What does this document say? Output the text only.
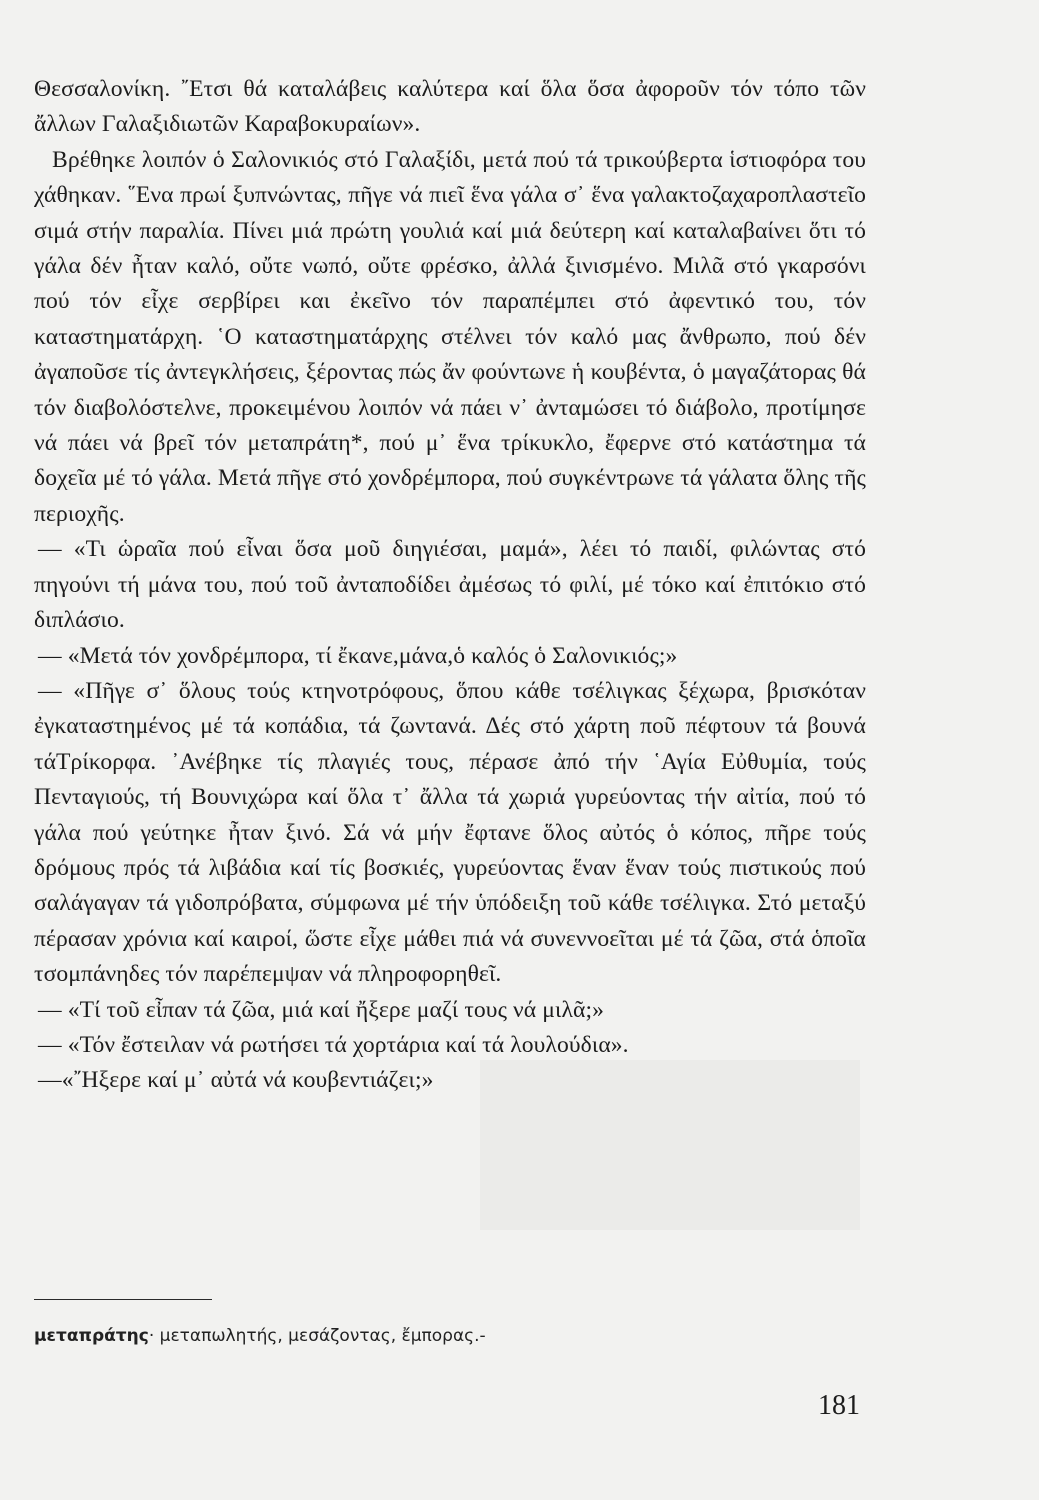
Θεσσαλονίκη. ῎Ετσι θά καταλάβεις καλύτερα καί ὅλα ὅσα ἀφοροῦν τόν τόπο τῶν ἄλλων Γαλαξιδιωτῶν Καραβοκυραίων».

Βρέθηκε λοιπόν ὁ Σαλονικιός στό Γαλαξίδι, μετά πού τά τρικούβερτα ἱστιοφόρα του χάθηκαν. ῞Ενα πρωί ξυπνώντας, πῆγε νά πιεῖ ἕνα γάλα σ᾿ ἕνα γαλακτοζαχαροπλαστεῖο σιμά στήν παραλία. Πίνει μιά πρώτη γουλιά καί μιά δεύτερη καί καταλαβαίνει ὅτι τό γάλα δέν ἦταν καλό, οὔτε νωπό, οὔτε φρέσκο, ἀλλά ξινισμένο. Μιλᾶ στό γκαρσόνι πού τόν εἶχε σερβίρει και ἐκεῖνο τόν παραπέμπει στό ἀφεντικό του, τόν καταστηματάρχη. ῾Ο καταστηματάρχης στέλνει τόν καλό μας ἄνθρωπο, πού δέν ἀγαποῦσε τίς ἀντεγκλήσεις, ξέροντας πώς ἄν φούντωνε ἡ κουβέντα, ὁ μαγαζάτορας θά τόν διαβολόστελνε, προκειμένου λοιπόν νά πάει ν᾿ ἀνταμώσει τό διάβολο, προτίμησε νά πάει νά βρεῖ τόν μεταπράτη*, πού μ᾿ ἕνα τρίκυκλο, ἔφερνε στό κατάστημα τά δοχεῖα μέ τό γάλα. Μετά πῆγε στό χονδρέμπορα, πού συγκέντρωνε τά γάλατα ὅλης τῆς περιοχῆς.

— «Τι ὡραῖα πού εἶναι ὅσα μοῦ διηγιέσαι, μαμά», λέει τό παιδί, φιλώντας στό πηγούνι τή μάνα του, πού τοῦ ἀνταποδίδει ἀμέσως τό φιλί, μέ τόκο καί ἐπιτόκιο στό διπλάσιο.

— «Μετά τόν χονδρέμπορα, τί ἔκανε,μάνα,ὁ καλός ὁ Σαλονικιός;»

— «Πῆγε σ᾿ ὅλους τούς κτηνοτρόφους, ὅπου κάθε τσέλιγκας ξέχωρα, βρισκόταν ἐγκαταστημένος μέ τά κοπάδια, τά ζωντανά. Δές στό χάρτη ποῦ πέφτουν τά βουνά τάΤρίκορφα. ᾿Ανέβηκε τίς πλαγιές τους, πέρασε ἀπό τήν ῾Αγία Εὐθυμία, τούς Πενταγιούς, τή Βουνιχώρα καί ὅλα τ᾿ ἄλλα τά χωριά γυρεύοντας τήν αἰτία, πού τό γάλα πού γεύτηκε ἦταν ξινό. Σά νά μήν ἔφτανε ὅλος αὐτός ὁ κόπος, πῆρε τούς δρόμους πρός τά λιβάδια καί τίς βοσκιές, γυρεύοντας ἕναν ἕναν τούς πιστικούς πού σαλάγαγαν τά γιδοπρόβατα, σύμφωνα μέ τήν ὑπόδειξη τοῦ κάθε τσέλιγκα. Στό μεταξύ πέρασαν χρόνια καί καιροί, ὥστε εἶχε μάθει πιά νά συνεννοεῖται μέ τά ζῶα, στά ὁποῖα τσομπάνηδες τόν παρέπεμψαν νά πληροφορηθεῖ.

— «Τί τοῦ εἶπαν τά ζῶα, μιά καί ἤξερε μαζί τους νά μιλᾶ;»

— «Τόν ἔστειλαν νά ρωτήσει τά χορτάρια καί τά λουλούδια».

—«῎Ηξερε καί μ᾿ αὐτά νά κουβεντιάζει;»

μεταπράτης· μεταπωλητής, μεσάζοντας, ἔμπορας.-
181
